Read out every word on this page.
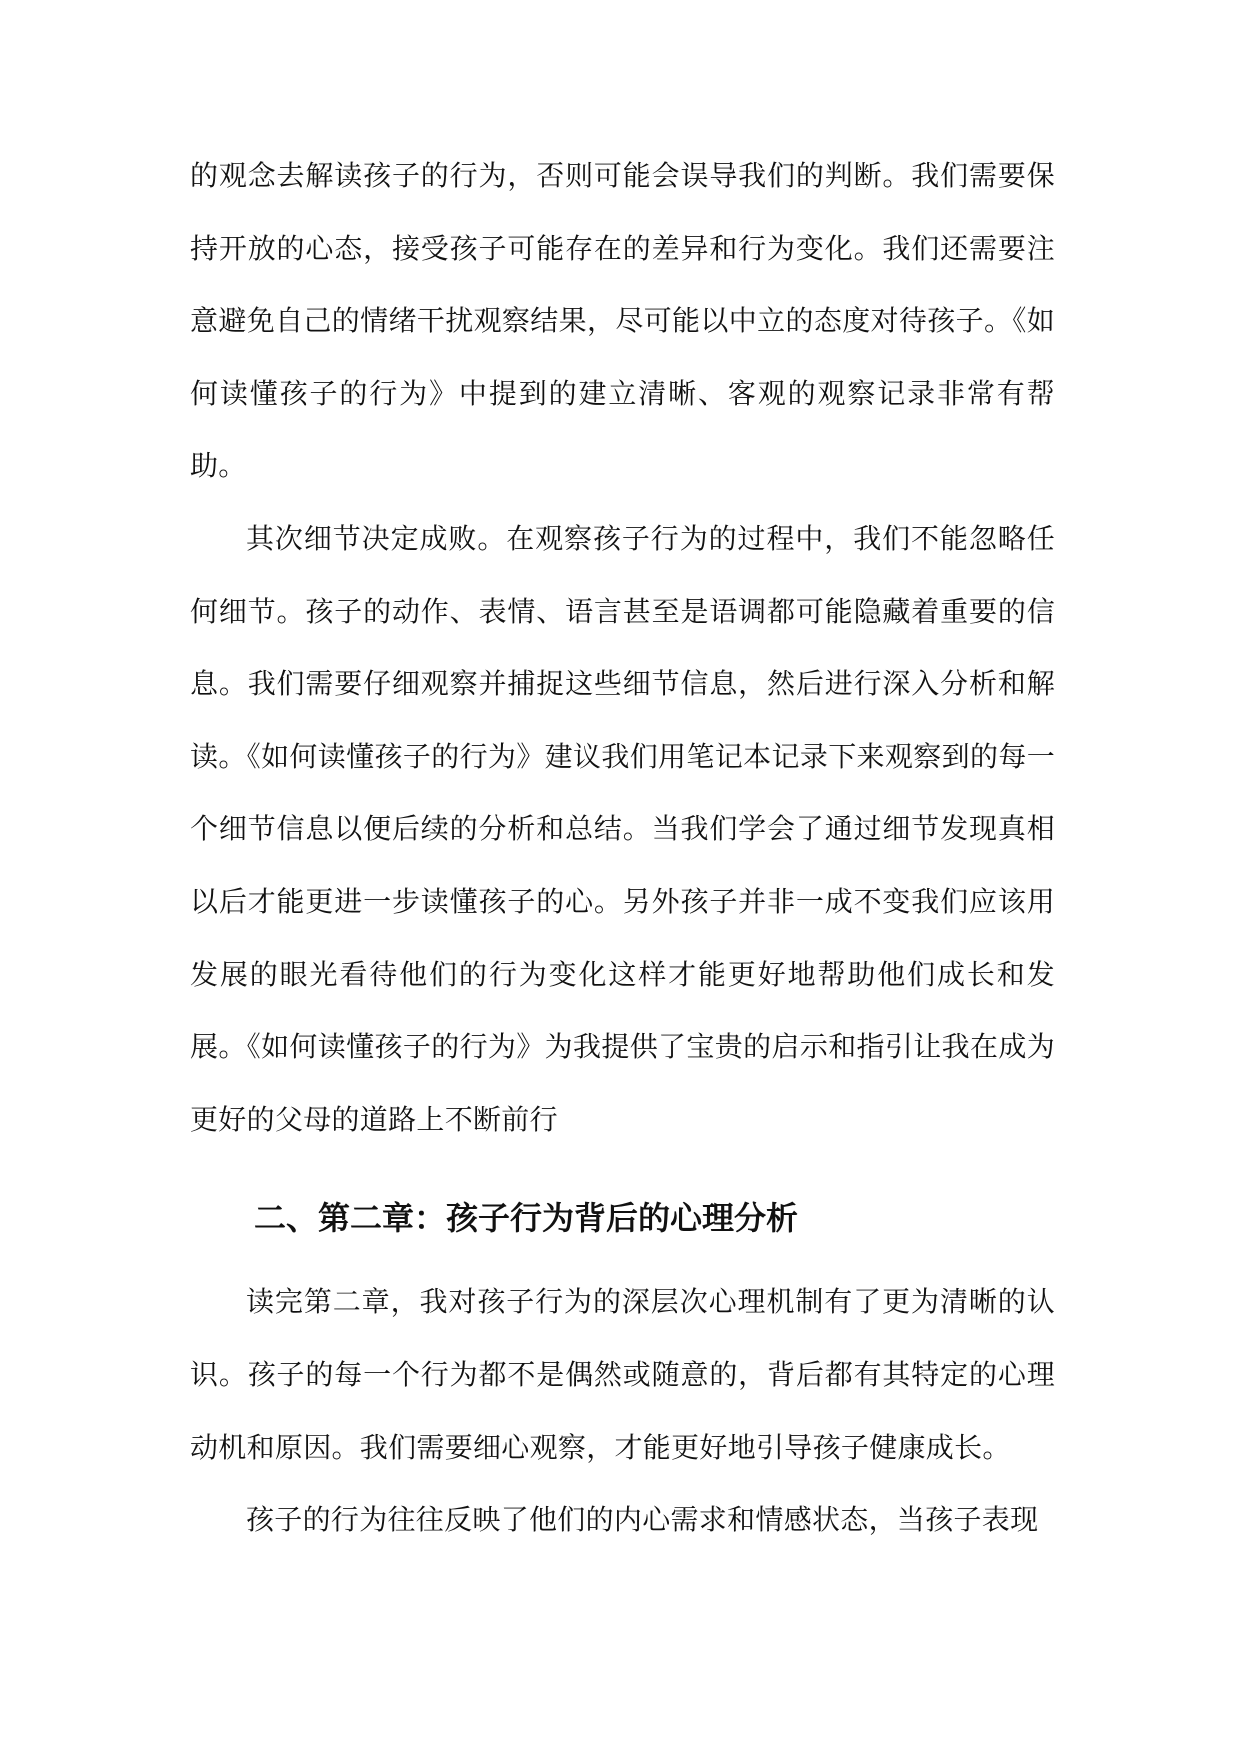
的观念去解读孩子的行为，否则可能会误导我们的判断。我们需要保持开放的心态，接受孩子可能存在的差异和行为变化。我们还需要注意避免自己的情绪干扰观察结果，尽可能以中立的态度对待孩子。《如何读懂孩子的行为》中提到的建立清晰、客观的观察记录非常有帮助。

其次细节决定成败。在观察孩子行为的过程中，我们不能忽略任何细节。孩子的动作、表情、语言甚至是语调都可能隐藏着重要的信息。我们需要仔细观察并捕捉这些细节信息，然后进行深入分析和解读。《如何读懂孩子的行为》建议我们用笔记本记录下来观察到的每一个细节信息以便后续的分析和总结。当我们学会了通过细节发现真相以后才能更进一步读懂孩子的心。另外孩子并非一成不变我们应该用发展的眼光看待他们的行为变化这样才能更好地帮助他们成长和发展。《如何读懂孩子的行为》为我提供了宝贵的启示和指引让我在成为更好的父母的道路上不断前行

二、第二章：孩子行为背后的心理分析

读完第二章，我对孩子行为的深层次心理机制有了更为清晰的认识。孩子的每一个行为都不是偶然或随意的，背后都有其特定的心理动机和原因。我们需要细心观察，才能更好地引导孩子健康成长。

孩子的行为往往反映了他们的内心需求和情感状态，当孩子表现
